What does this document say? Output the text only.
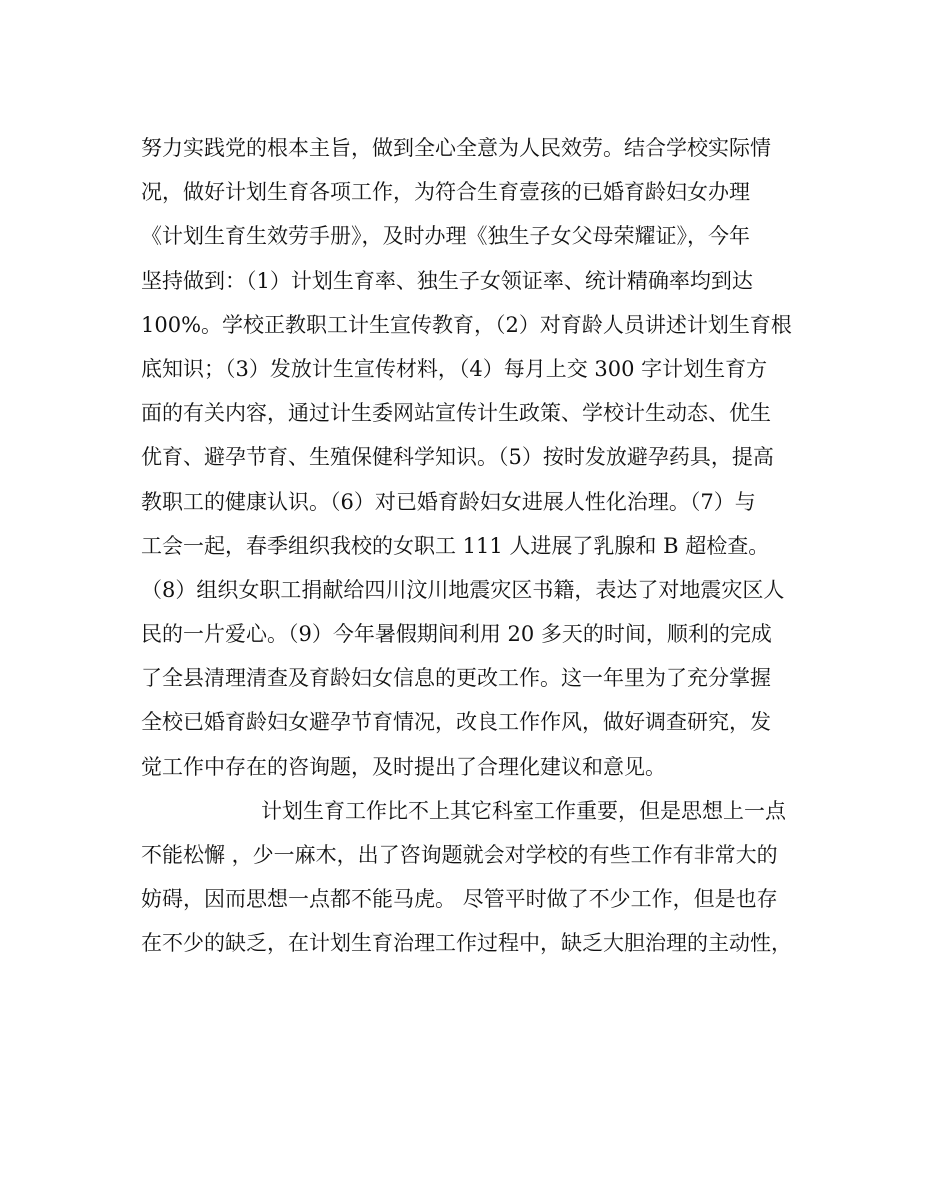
努力实践党的根本主旨，做到全心全意为人民效劳。结合学校实际情
况，做好计划生育各项工作，为符合生育壹孩的已婚育龄妇女办理
《计划生育生效劳手册》，及时办理《独生子女父母荣耀证》，今年
坚持做到：（1）计划生育率、独生子女领证率、统计精确率均到达
100%。学校正教职工计生宣传教育，（2）对育龄人员讲述计划生育根
底知识；（3）发放计生宣传材料，（4）每月上交 300 字计划生育方
面的有关内容，通过计生委网站宣传计生政策、学校计生动态、优生
优育、避孕节育、生殖保健科学知识。（5）按时发放避孕药具，提高
教职工的健康认识。（6）对已婚育龄妇女进展人性化治理。（7）与
工会一起，春季组织我校的女职工 111 人进展了乳腺和 B 超检查。
（8）组织女职工捐献给四川汶川地震灾区书籍，表达了对地震灾区人
民的一片爱心。（9）今年暑假期间利用 20 多天的时间，顺利的完成
了全县清理清查及育龄妇女信息的更改工作。这一年里为了充分掌握
全校已婚育龄妇女避孕节育情况，改良工作作风，做好调查研究，发
觉工作中存在的咨询题，及时提出了合理化建议和意见。
计划生育工作比不上其它科室工作重要，但是思想上一点
不能松懈 ，少一麻木，出了咨询题就会对学校的有些工作有非常大的
妨碍，因而思想一点都不能马虎。 尽管平时做了不少工作，但是也存
在不少的缺乏，在计划生育治理工作过程中，缺乏大胆治理的主动性，
